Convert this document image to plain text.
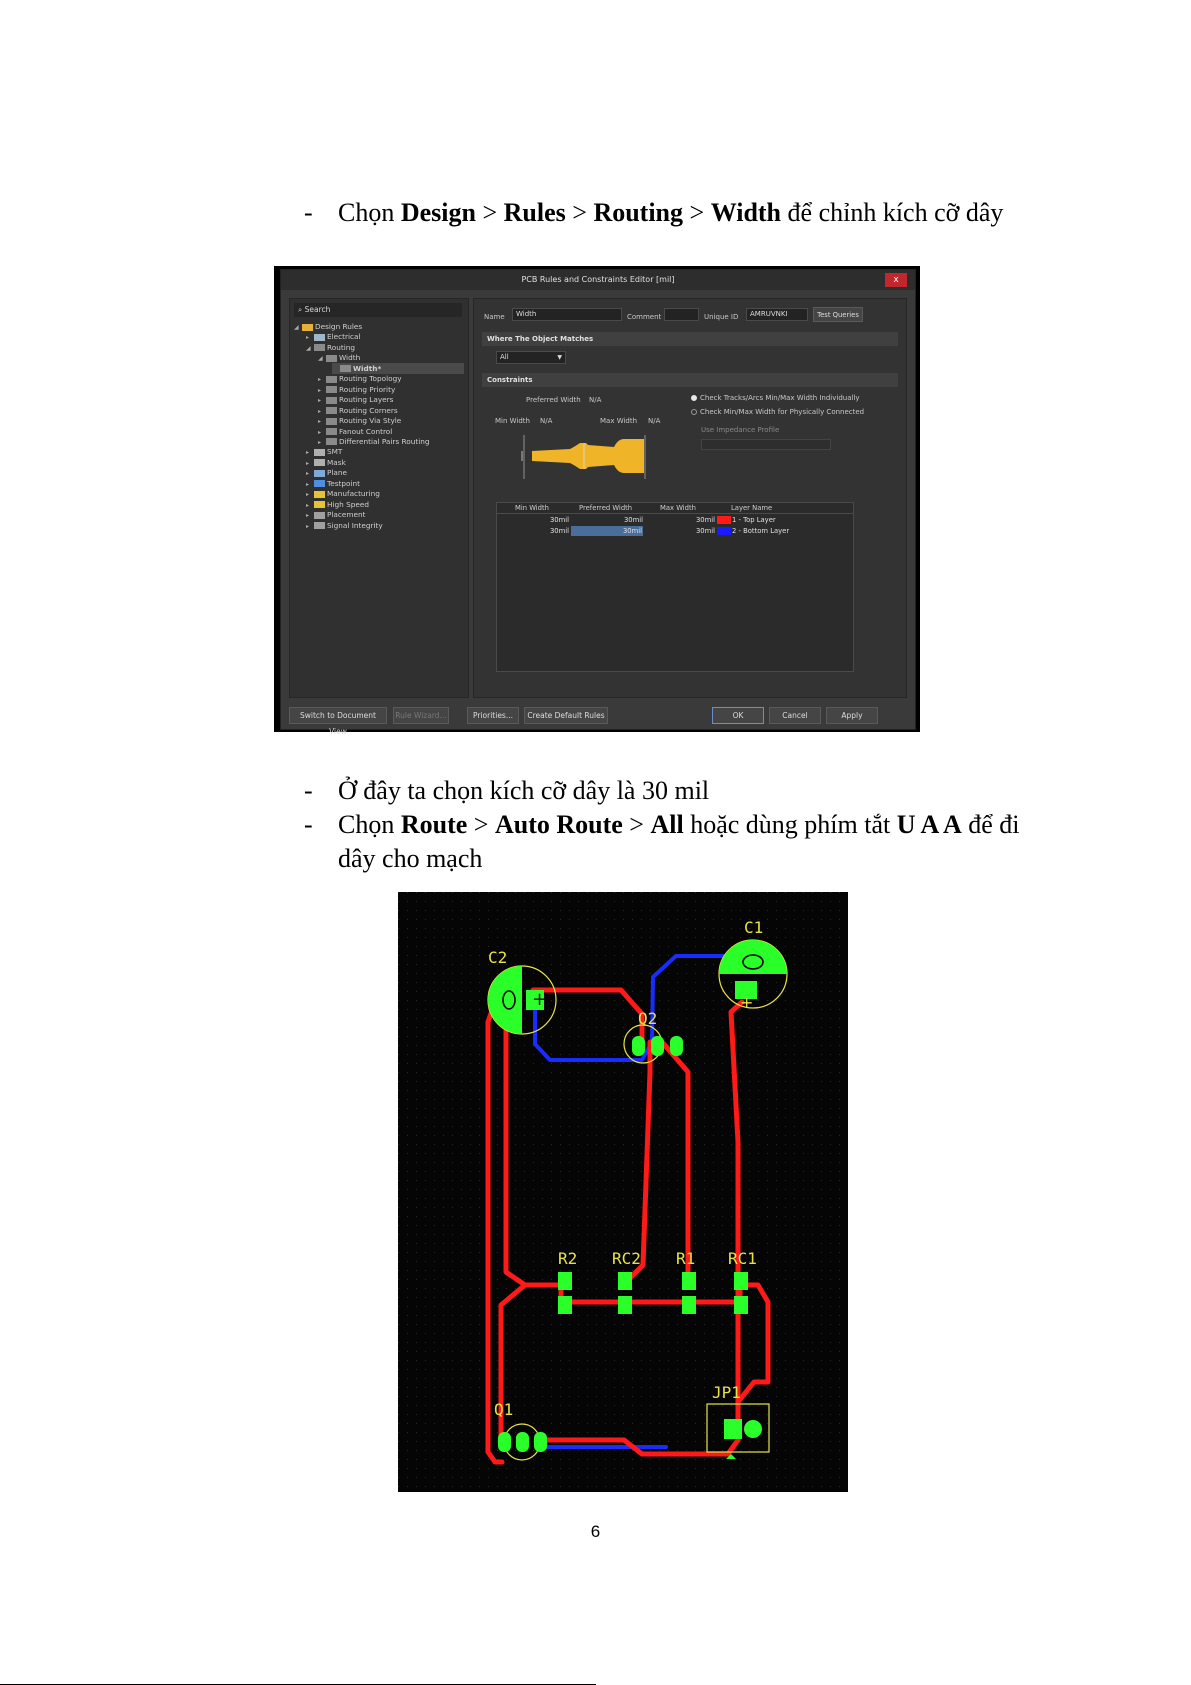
- Chọn Design > Rules > Routing > Width để chỉnh kích cỡ dây
- Ở đây ta chọn kích cỡ dây là 30 mil
- Chọn Route > Auto Route > All hoặc dùng phím tắt U A A để đi dây cho mạch
PCB Rules and Constraints Editor [mil]	x
⌕ Search
◢ Design Rules
▸ Electrical
◢ Routing
◢ Width
Width*
▸ Routing Topology
▸ Routing Priority
▸ Routing Layers
▸ Routing Corners
▸ Routing Via Style
▸ Fanout Control
▸ Differential Pairs Routing
▸ SMT
▸ Mask
▸ Plane
▸ Testpoint
▸ Manufacturing
▸ High Speed
▸ Placement
▸ Signal Integrity
Name	Width	Comment	Unique ID	AMRUVNKI	Test Queries
Where The Object Matches
All	▼
Constraints
Preferred Width N/A
Min Width N/A	Max Width N/A
Check Tracks/Arcs Min/Max Width Individually
Check Min/Max Width for Physically Connected
Use Impedance Profile
Min Width	Preferred Width	Max Width	Layer Name
30mil	30mil	30mil	1 - Top Layer
30mil	30mil	30mil	2 - Bottom Layer
Switch to Document View
Rule Wizard...	Priorities...	Create Default Rules	OK	Cancel	Apply
+	+
C1
C2
Q2
R2 RC2 R1 RC1
Q1
JP1
6
